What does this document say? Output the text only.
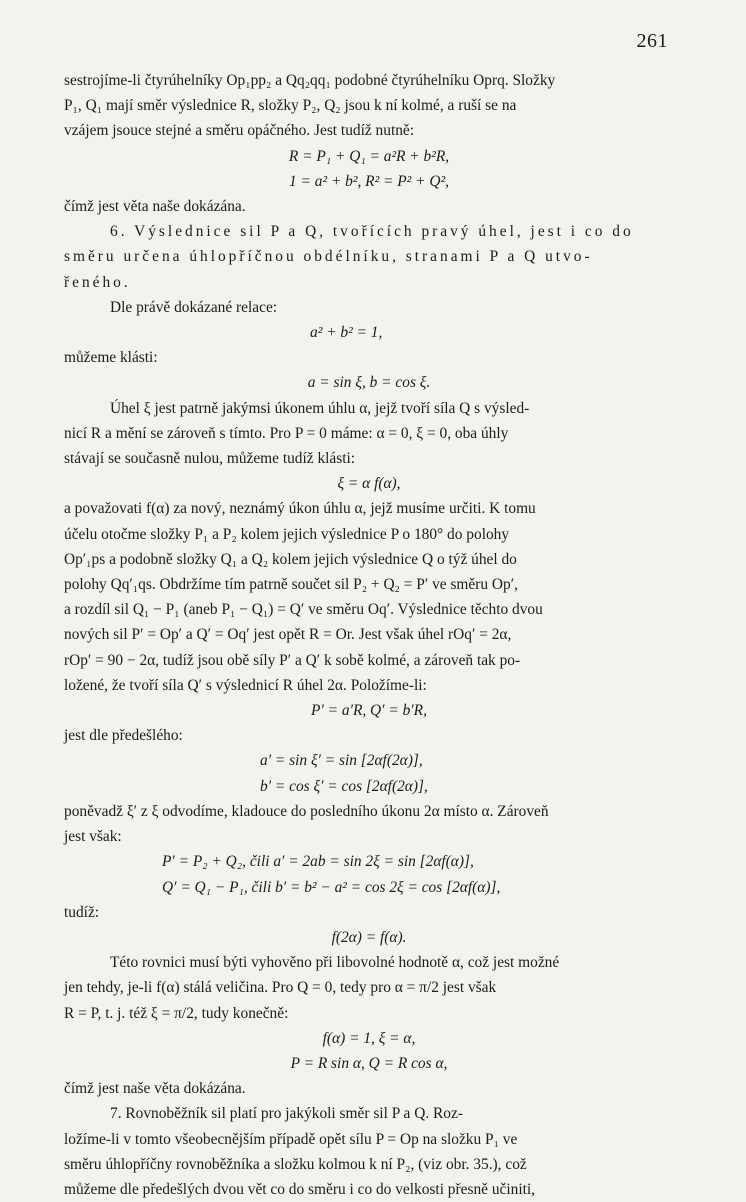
261

sestrojíme-li čtyrúhelníky Op₁pp₂ a Qq₂qq₁ podobné čtyrúhelníku Oprq. Složky

P₁, Q₁ mají směr výslednice R, složky P₂, Q₂ jsou k ní kolmé, a ruší se na

vzájem jsouce stejné a směru opáčného. Jest tudíž nutně:

R = P₁ + Q₁ = a²R + b²R,

1 = a² + b², R² = P² + Q²,

čímž jest věta naše dokázána.

6. Výslednice sil P a Q, tvořících pravý úhel, jest i co do

směru určena úhlopříčnou obdélníku, stranami P a Q utvo-

řeného.

Dle právě dokázané relace:

a² + b² = 1,

můžeme klásti:

a = sin ξ, b = cos ξ.

Úhel ξ jest patrně jakýmsi úkonem úhlu α, jejž tvoří síla Q s výsled-

nicí R a mění se zároveň s tímto. Pro P = 0 máme: α = 0, ξ = 0, oba úhly

stávají se současně nulou, můžeme tudíž klásti:

ξ = α f(α),

a považovati f(α) za nový, neznámý úkon úhlu α, jejž musíme určiti. K tomu

účelu otočme složky P₁ a P₂ kolem jejich výslednice P o 180° do polohy

Op′₁ps a podobně složky Q₁ a Q₂ kolem jejich výslednice Q o týž úhel do

polohy Qq′₁qs. Obdržíme tím patrně součet sil P₂ + Q₂ = P′ ve směru Op′,

a rozdíl sil Q₁ − P₁ (aneb P₁ − Q₁) = Q′ ve směru Oq′. Výslednice těchto dvou

nových sil P′ = Op′ a Q′ = Oq′ jest opět R = Or. Jest však úhel rOq′ = 2α,

rOp′ = 90 − 2α, tudíž jsou obě síly P′ a Q′ k sobě kolmé, a zároveň tak po-

ložené, že tvoří síla Q′ s výslednicí R úhel 2α. Položíme-li:

P′ = a′R, Q′ = b′R,

jest dle předešlého:

a′ = sin ξ′ = sin [2αf(2α)],

b′ = cos ξ′ = cos [2αf(2α)],

poněvadž ξ′ z ξ odvodíme, kladouce do posledního úkonu 2α místo α. Zároveň

jest však:

P′ = P₂ + Q₂, čili a′ = 2ab = sin 2ξ = sin [2αf(α)],

Q′ = Q₁ − P₁, čili b′ = b² − a² = cos 2ξ = cos [2αf(α)],

tudíž:

f(2α) = f(α).

Této rovnici musí býti vyhověno při libovolné hodnotě α, což jest možné

jen tehdy, je-li f(α) stálá veličina. Pro Q = 0, tedy pro α = π/2 jest však

R = P, t. j. též ξ = π/2, tudy konečně:

f(α) = 1, ξ = α,

P = R sin α, Q = R cos α,

čímž jest naše věta dokázána.

7. Rovnoběžník sil platí pro jakýkoli směr sil P a Q. Roz-

ložíme-li v tomto všeobecnějším případě opět sílu P = Op na složku P₁ ve

směru úhlopříčny rovnoběžníka a složku kolmou k ní P₂, (viz obr. 35.), což

můžeme dle předešlých dvou vět co do směru i co do velkosti přesně učiniti,
